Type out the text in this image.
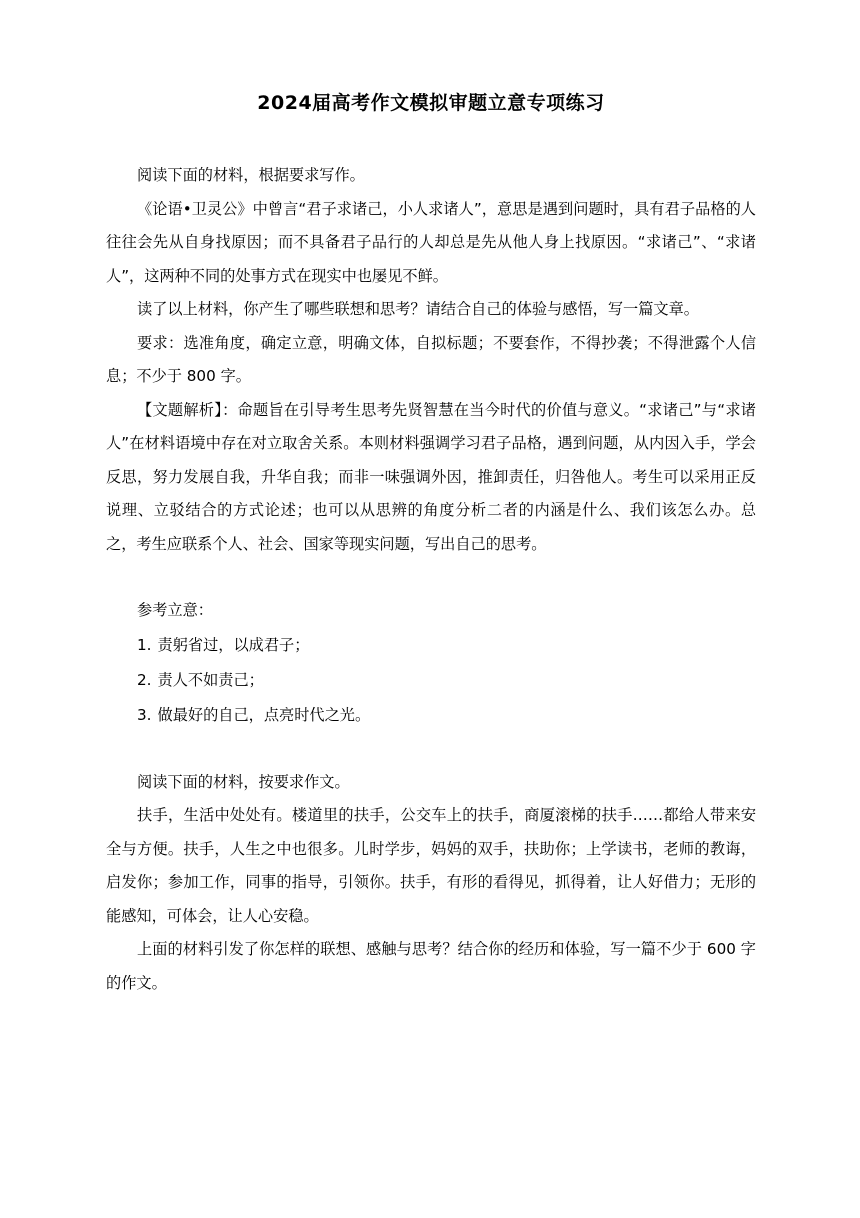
2024届高考作文模拟审题立意专项练习

阅读下面的材料，根据要求写作。

《论语•卫灵公》中曾言“君子求诸己，小人求诸人”，意思是遇到问题时，具有君子品格的人往往会先从自身找原因；而不具备君子品行的人却总是先从他人身上找原因。“求诸己”、“求诸人”，这两种不同的处事方式在现实中也屡见不鲜。

读了以上材料，你产生了哪些联想和思考？请结合自己的体验与感悟，写一篇文章。

要求：选准角度，确定立意，明确文体，自拟标题；不要套作，不得抄袭；不得泄露个人信息；不少于 800 字。

【文题解析】：命题旨在引导考生思考先贤智慧在当今时代的价值与意义。“求诸己”与“求诸人”在材料语境中存在对立取舍关系。本则材料强调学习君子品格，遇到问题，从内因入手，学会反思，努力发展自我，升华自我；而非一味强调外因，推卸责任，归咎他人。考生可以采用正反说理、立驳结合的方式论述；也可以从思辨的角度分析二者的内涵是什么、我们该怎么办。总之，考生应联系个人、社会、国家等现实问题，写出自己的思考。

参考立意：

1. 责躬省过，以成君子；

2. 责人不如责己；

3. 做最好的自己，点亮时代之光。

阅读下面的材料，按要求作文。

扶手，生活中处处有。楼道里的扶手，公交车上的扶手，商厦滚梯的扶手……都给人带来安全与方便。扶手，人生之中也很多。儿时学步，妈妈的双手，扶助你；上学读书，老师的教诲，启发你；参加工作，同事的指导，引领你。扶手，有形的看得见，抓得着，让人好借力；无形的能感知，可体会，让人心安稳。

上面的材料引发了你怎样的联想、感触与思考？结合你的经历和体验，写一篇不少于 600 字的作文。
